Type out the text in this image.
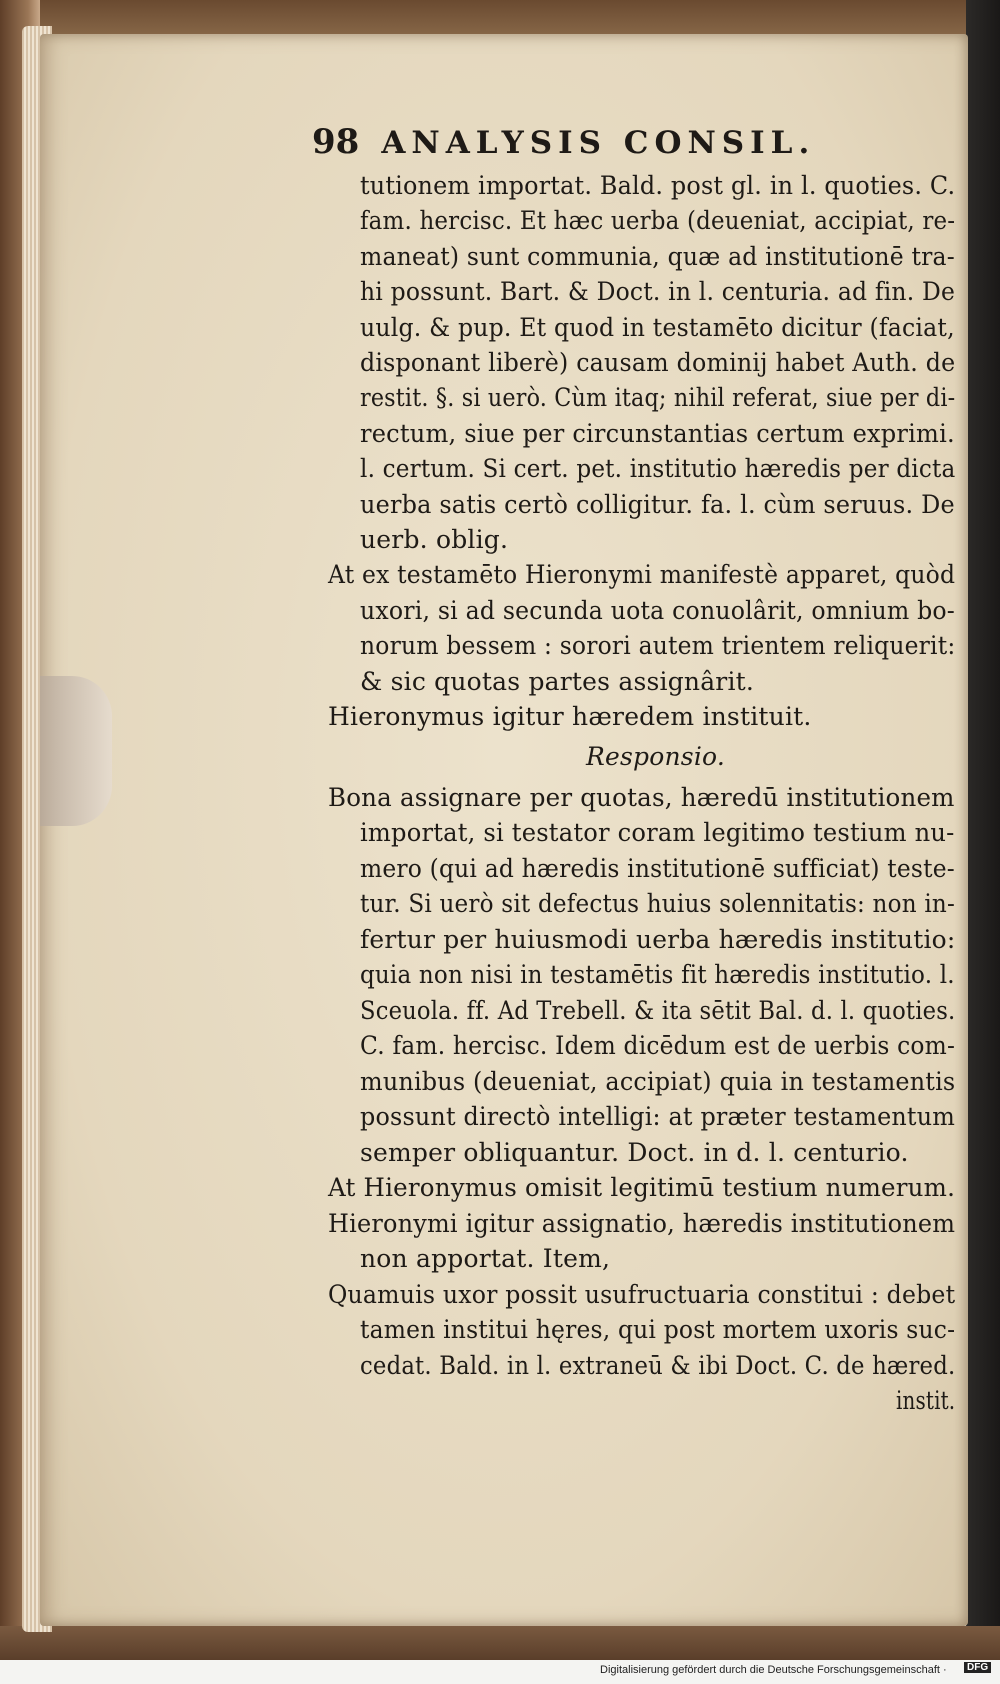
98 ANALYSIS CONSIL.
tutionem importat. Bald. post gl. in l. quoties. C.
fam. hercisc. Et hæc uerba (deueniat, accipiat, re-
maneat) sunt communia, quæ ad institutionē tra-
hi possunt. Bart. & Doct. in l. centuria. ad fin. De
uulg. & pup. Et quod in testamēto dicitur (faciat,
disponant liberè) causam dominij habet Auth. de
restit. §. si uerò. Cùm itaq; nihil referat, siue per di-
rectum, siue per circunstantias certum exprimi.
l. certum. Si cert. pet. institutio hæredis per dicta
uerba satis certò colligitur. fa. l. cùm seruus. De
uerb. oblig.
At ex testamēto Hieronymi manifestè apparet, quòd
uxori, si ad secunda uota conuolârit, omnium bo-
norum bessem : sorori autem trientem reliquerit:
& sic quotas partes assignârit.
Hieronymus igitur hæredem instituit.
Responsio.
Bona assignare per quotas, hæredū institutionem
importat, si testator coram legitimo testium nu-
mero (qui ad hæredis institutionē sufficiat) teste-
tur. Si uerò sit defectus huius solennitatis: non in-
fertur per huiusmodi uerba hæredis institutio:
quia non nisi in testamētis fit hæredis institutio. l.
Sceuola. ff. Ad Trebell. & ita sētit Bal. d. l. quoties.
C. fam. hercisc. Idem dicēdum est de uerbis com-
munibus (deueniat, accipiat) quia in testamentis
possunt directò intelligi: at præter testamentum
semper obliquantur. Doct. in d. l. centurio.
At Hieronymus omisit legitimū testium numerum.
Hieronymi igitur assignatio, hæredis institutionem
non apportat. Item,
Quamuis uxor possit usufructuaria constitui : debet
tamen institui hęres, qui post mortem uxoris suc-
cedat. Bald. in l. extraneū & ibi Doct. C. de hæred.
instit.
Digitalisierung gefördert durch die Deutsche Forschungsgemeinschaft ·	DFG
